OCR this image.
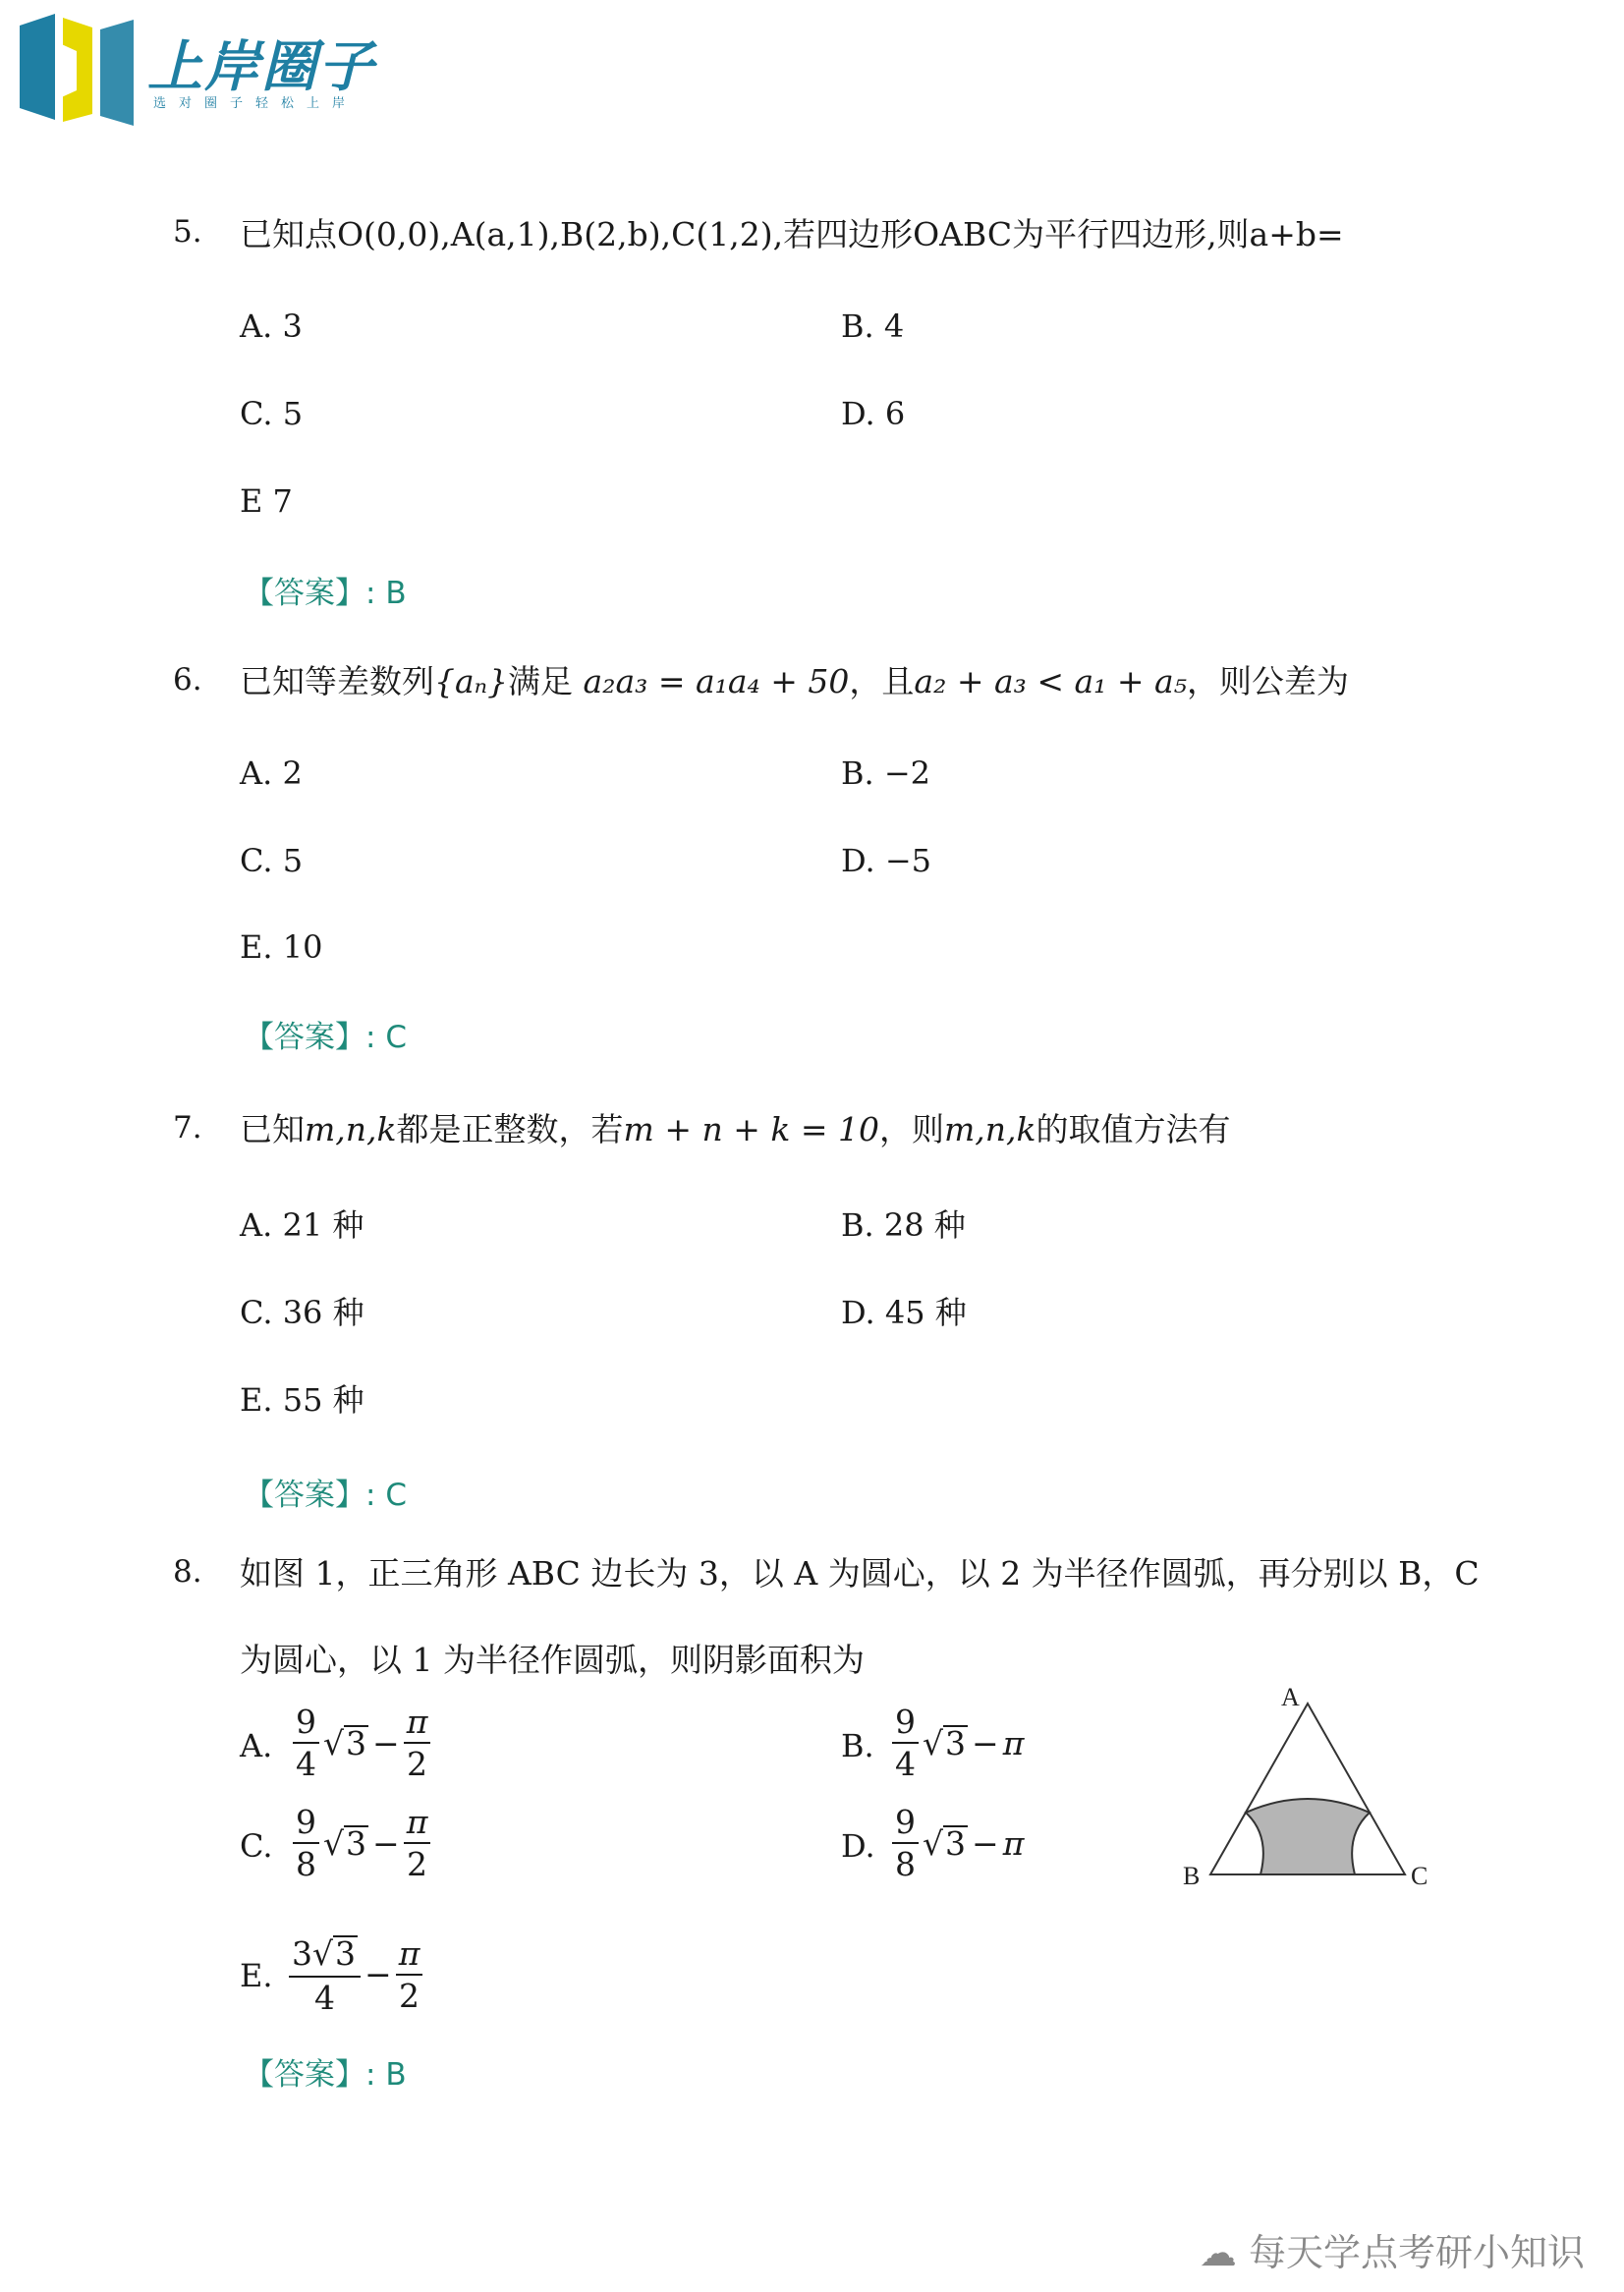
上岸圈子
选对圈子轻松上岸
5. 已知点O(0,0),A(a,1),B(2,b),C(1,2),若四边形OABC为平行四边形,则a+b=
A. 3	B. 4
C. 5	D. 6
E 7
【答案】: B
6. 已知等差数列{aₙ}满足 a₂a₃ = a₁a₄ + 50，且a₂ + a₃ < a₁ + a₅，则公差为
A. 2	B. −2
C. 5	D. −5
E. 10
【答案】: C
7. 已知m,n,k都是正整数，若m + n + k = 10，则m,n,k的取值方法有
A. 21 种	B. 28 种
C. 36 种	D. 45 种
E. 55 种
【答案】: C
8. 如图 1，正三角形 ABC 边长为 3，以 A 为圆心，以 2 为半径作圆弧，再分别以 B，C
为圆心，以 1 为半径作圆弧，则阴影面积为
A. $\frac{9}{4} √3 - \frac{\pi}{2}$	B. $\frac{9}{4} √3 - \pi$
C. $\frac{9}{8} √3 - \frac{\pi}{2}$	D. $\frac{9}{8} √3 - \pi$
E. $\frac{3√3}{4} - \frac{\pi}{2}$
A
B	C
【答案】: B
☁ 每天学点考研小知识
